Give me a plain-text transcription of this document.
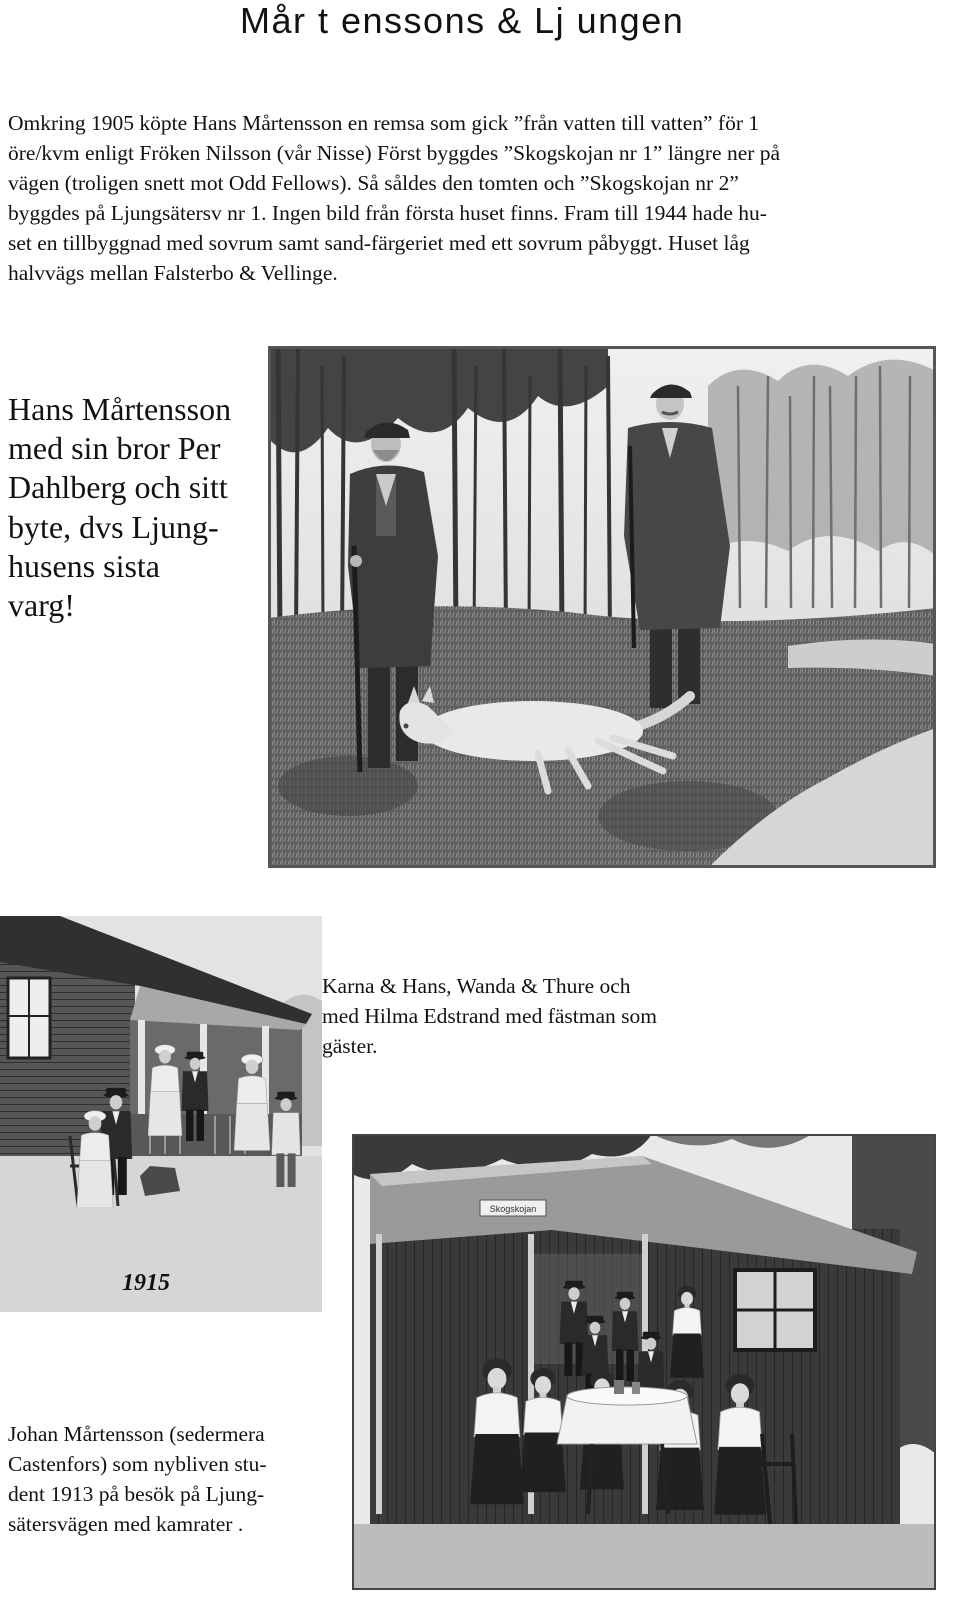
Mår t enssons & Lj ungen
Omkring 1905 köpte Hans Mårtensson en remsa som gick ”från vatten till vatten” för 1
öre/kvm enligt Fröken Nilsson (vår Nisse) Först byggdes ”Skogskojan nr 1” längre ner på
vägen (troligen snett mot Odd Fellows). Så såldes den tomten och ”Skogskojan nr 2”
byggdes på Ljungsätersv nr 1. Ingen bild från första huset finns. Fram till 1944 hade hu-
set en tillbyggnad med sovrum samt sand-färgeriet med ett sovrum påbyggt. Huset låg
halvvägs mellan Falsterbo & Vellinge.
Hans Mårtensson
med sin bror Per
Dahlberg och sitt
byte, dvs Ljung-
husens sista
varg!
1915
Karna & Hans, Wanda & Thure och
med Hilma Edstrand med fästman som
gäster.
Skogskojan
Johan Mårtensson (sedermera
Castenfors) som nybliven stu-
dent 1913 på besök på Ljung-
sätersvägen med kamrater .
